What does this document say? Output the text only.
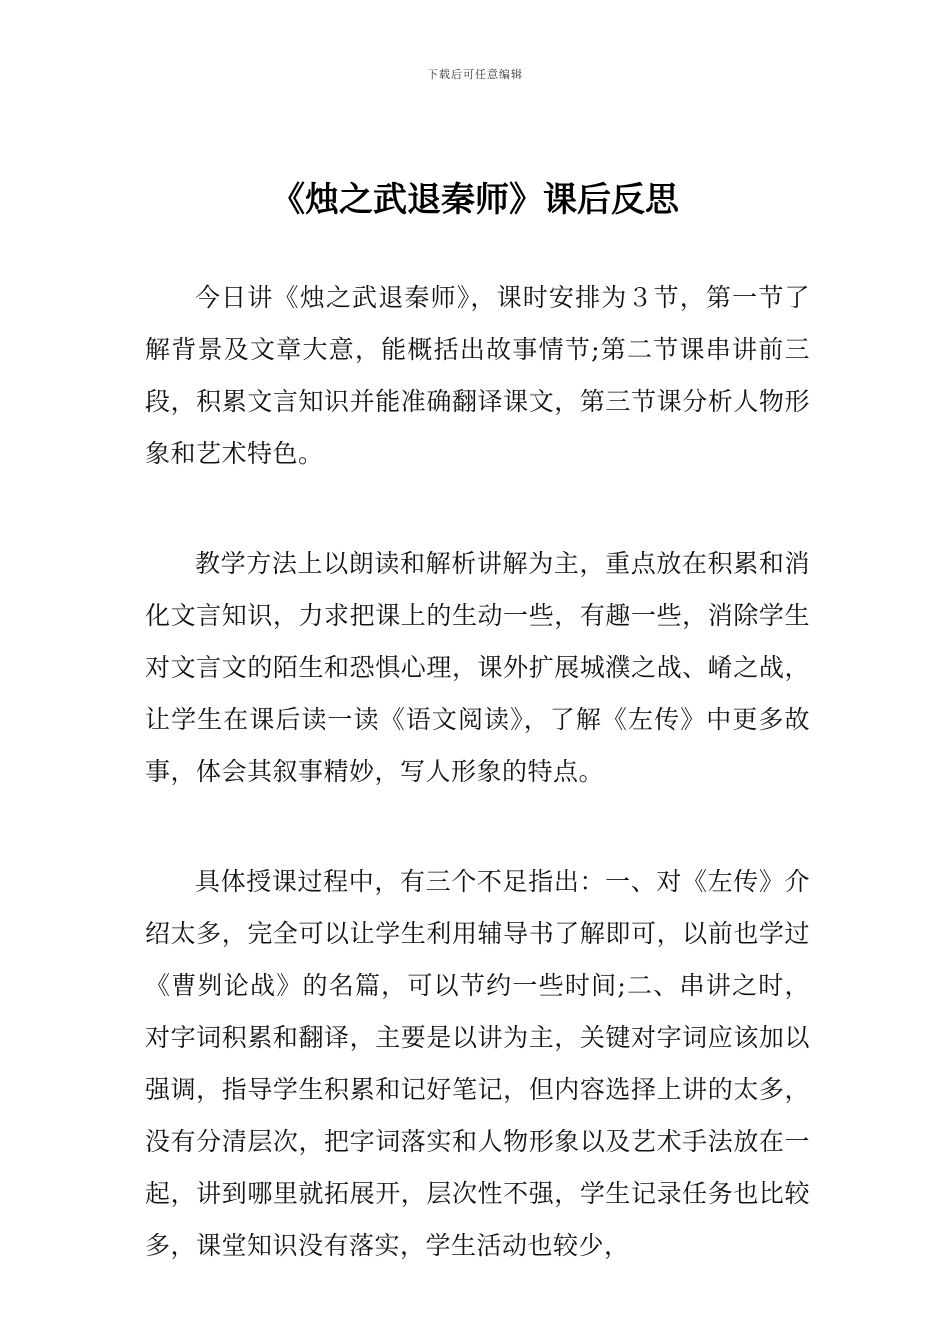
下载后可任意编辑
《烛之武退秦师》课后反思

今日讲《烛之武退秦师》，课时安排为３节，第一节了解背景及文章大意，能概括出故事情节;第二节课串讲前三段，积累文言知识并能准确翻译课文，第三节课分析人物形象和艺术特色。

教学方法上以朗读和解析讲解为主，重点放在积累和消化文言知识，力求把课上的生动一些，有趣一些，消除学生对文言文的陌生和恐惧心理，课外扩展城濮之战、崤之战，让学生在课后读一读《语文阅读》，了解《左传》中更多故事，体会其叙事精妙，写人形象的特点。

具体授课过程中，有三个不足指出：一、对《左传》介绍太多，完全可以让学生利用辅导书了解即可，以前也学过《曹刿论战》的名篇，可以节约一些时间;二、串讲之时，对字词积累和翻译，主要是以讲为主，关键对字词应该加以强调，指导学生积累和记好笔记，但内容选择上讲的太多，没有分清层次，把字词落实和人物形象以及艺术手法放在一起，讲到哪里就拓展开，层次性不强，学生记录任务也比较多，课堂知识没有落实，学生活动也较少，
